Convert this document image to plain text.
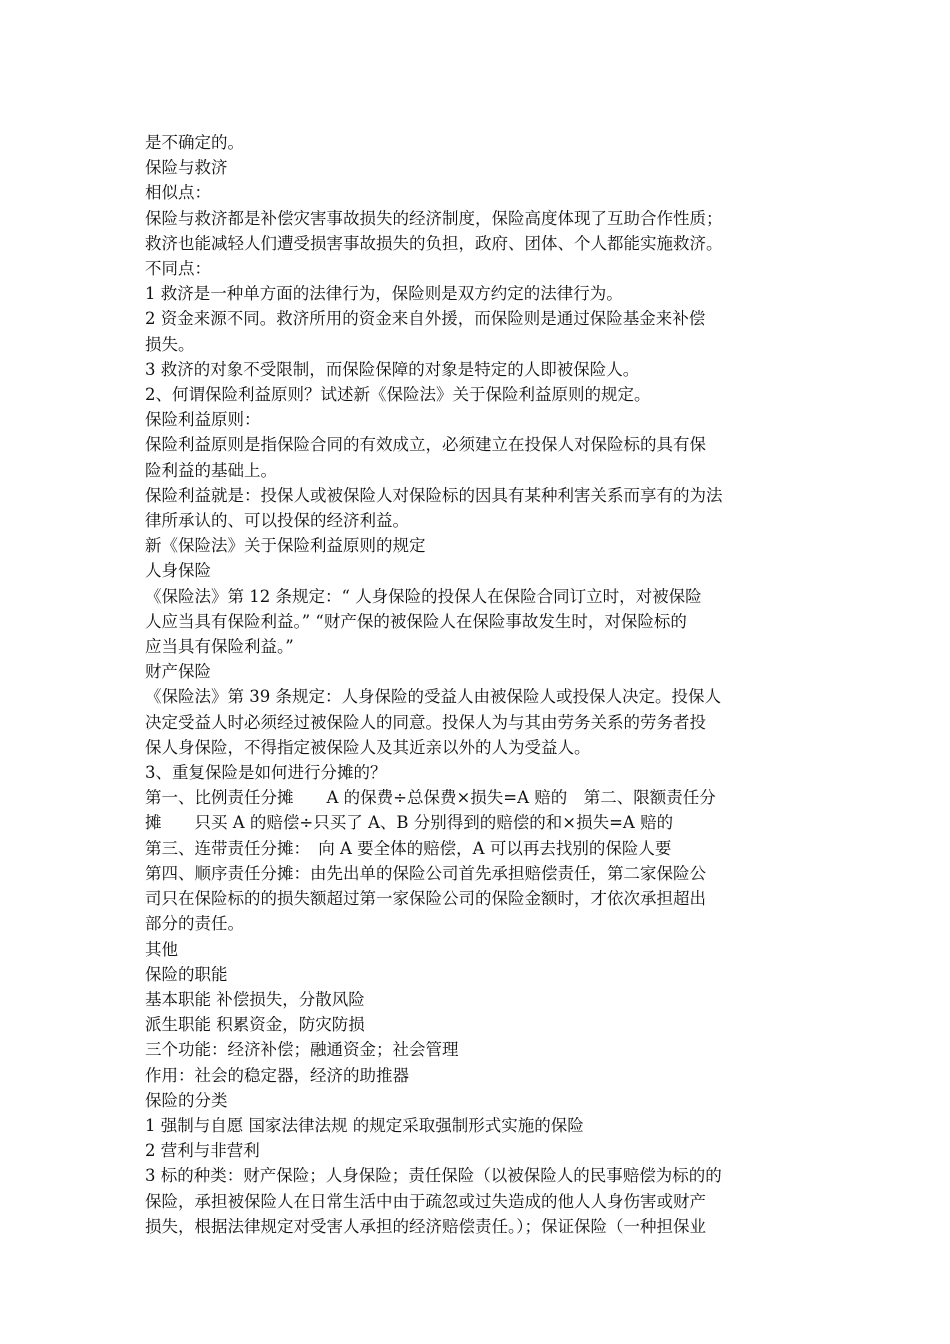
是不确定的。
保险与救济
相似点：
保险与救济都是补偿灾害事故损失的经济制度，保险高度体现了互助合作性质；
救济也能减轻人们遭受损害事故损失的负担，政府、团体、个人都能实施救济。
不同点：
1 救济是一种单方面的法律行为，保险则是双方约定的法律行为。
2 资金来源不同。救济所用的资金来自外援，而保险则是通过保险基金来补偿
损失。
3 救济的对象不受限制，而保险保障的对象是特定的人即被保险人。
2、何谓保险利益原则？试述新《保险法》关于保险利益原则的规定。
保险利益原则：
保险利益原则是指保险合同的有效成立，必须建立在投保人对保险标的具有保
险利益的基础上。
保险利益就是：投保人或被保险人对保险标的因具有某种利害关系而享有的为法
律所承认的、可以投保的经济利益。
新《保险法》关于保险利益原则的规定
人身保险
《保险法》第 12 条规定：“ 人身保险的投保人在保险合同订立时，对被保险
人应当具有保险利益。” “财产保的被保险人在保险事故发生时，对保险标的
应当具有保险利益。”
财产保险
《保险法》第 39 条规定：人身保险的受益人由被保险人或投保人决定。投保人
决定受益人时必须经过被保险人的同意。投保人为与其由劳务关系的劳务者投
保人身保险，不得指定被保险人及其近亲以外的人为受益人。
3、重复保险是如何进行分摊的？
第一、比例责任分摊　　A 的保费÷总保费×损失=A 赔的　第二、限额责任分
摊　　只买 A 的赔偿÷只买了 A、B 分别得到的赔偿的和×损失=A 赔的
第三、连带责任分摊：　向 A 要全体的赔偿，A 可以再去找别的保险人要
第四、顺序责任分摊：由先出单的保险公司首先承担赔偿责任，第二家保险公
司只在保险标的的损失额超过第一家保险公司的保险金额时，才依次承担超出
部分的责任。
其他
保险的职能
基本职能 补偿损失，分散风险
派生职能 积累资金，防灾防损
三个功能：经济补偿；融通资金；社会管理
作用：社会的稳定器，经济的助推器
保险的分类
1 强制与自愿 国家法律法规 的规定采取强制形式实施的保险
2 营利与非营利
3 标的种类：财产保险；人身保险；责任保险（以被保险人的民事赔偿为标的的
保险，承担被保险人在日常生活中由于疏忽或过失造成的他人人身伤害或财产
损失，根据法律规定对受害人承担的经济赔偿责任。）；保证保险（一种担保业
